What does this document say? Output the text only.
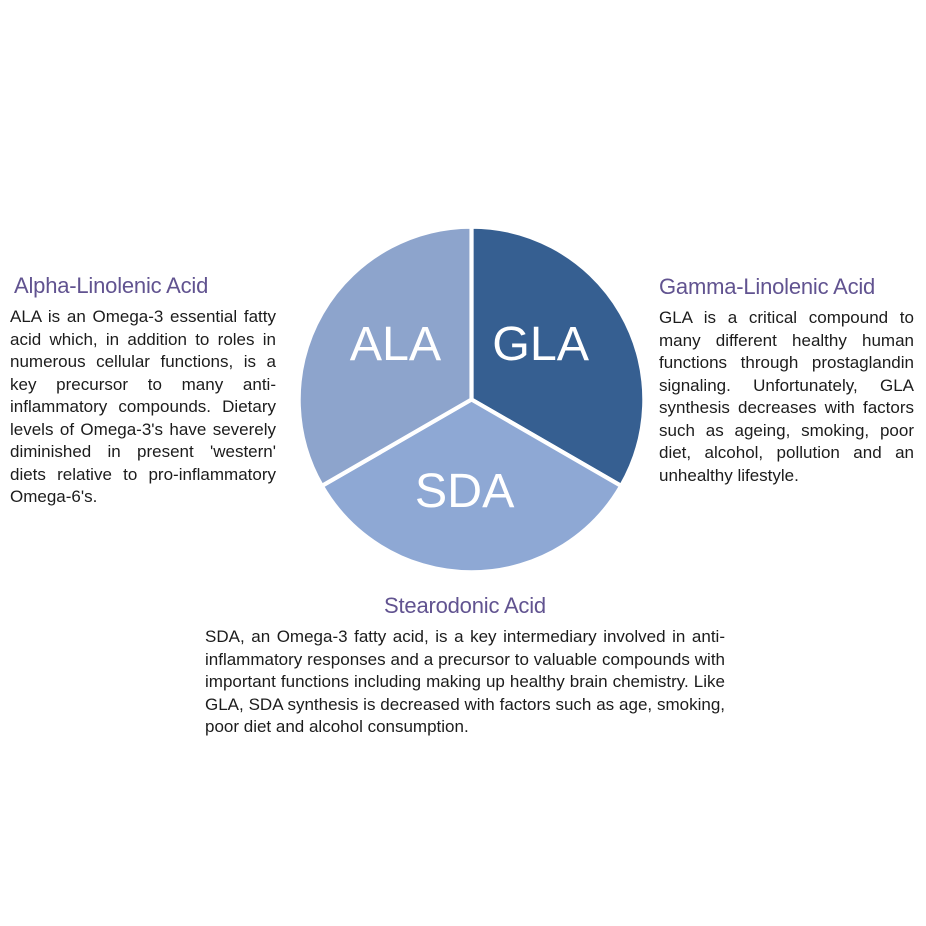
Alpha-Linolenic Acid

ALA is an Omega-3 essential fatty acid which, in addition to roles in numerous cellular functions, is a key precursor to many anti-inflammatory compounds. Dietary levels of Omega-3's have severely diminished in present 'western' diets relative to pro-inflammatory Omega-6's.

Gamma-Linolenic Acid

GLA is a critical compound to many different healthy human functions through prostaglandin signaling. Unfortunately, GLA synthesis decreases with factors such as ageing, smoking, poor diet, alcohol, pollution and an unhealthy lifestyle.

Stearodonic Acid

SDA, an Omega-3 fatty acid, is a key intermediary involved in anti-inflammatory responses and a precursor to valuable compounds with important functions including making up healthy brain chemistry. Like GLA, SDA synthesis is decreased with factors such as age, smoking, poor diet and alcohol consumption.

ALA GLA
SDA
